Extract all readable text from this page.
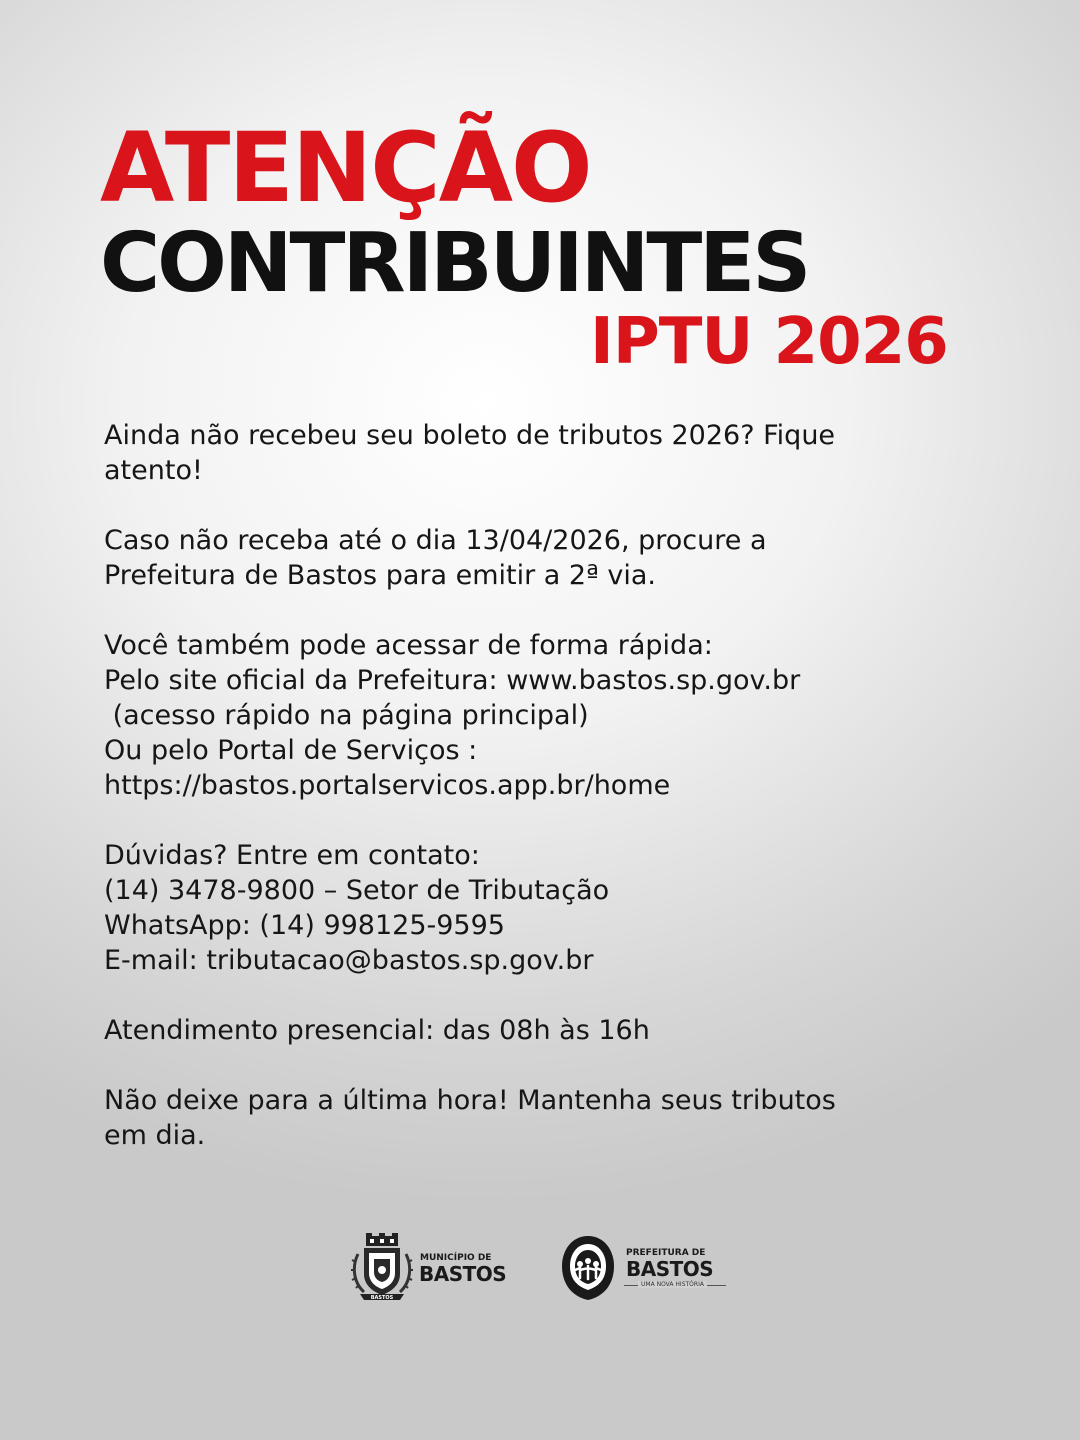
ATENÇÃO
CONTRIBUINTES
IPTU 2026

Ainda não recebeu seu boleto de tributos 2026? Fique
atento!

Caso não receba até o dia 13/04/2026, procure a
Prefeitura de Bastos para emitir a 2ª via.

Você também pode acessar de forma rápida:
Pelo site oficial da Prefeitura: www.bastos.sp.gov.br
(acesso rápido na página principal)
Ou pelo Portal de Serviços :
https://bastos.portalservicos.app.br/home

Dúvidas? Entre em contato:
(14) 3478-9800 – Setor de Tributação
WhatsApp: (14) 998125-9595
E-mail: tributacao@bastos.sp.gov.br

Atendimento presencial: das 08h às 16h

Não deixe para a última hora! Mantenha seus tributos
em dia.

BASTOS
MUNICÍPIO DE
BASTOS
PREFEITURA DE
BASTOS
UMA NOVA HISTÓRIA
